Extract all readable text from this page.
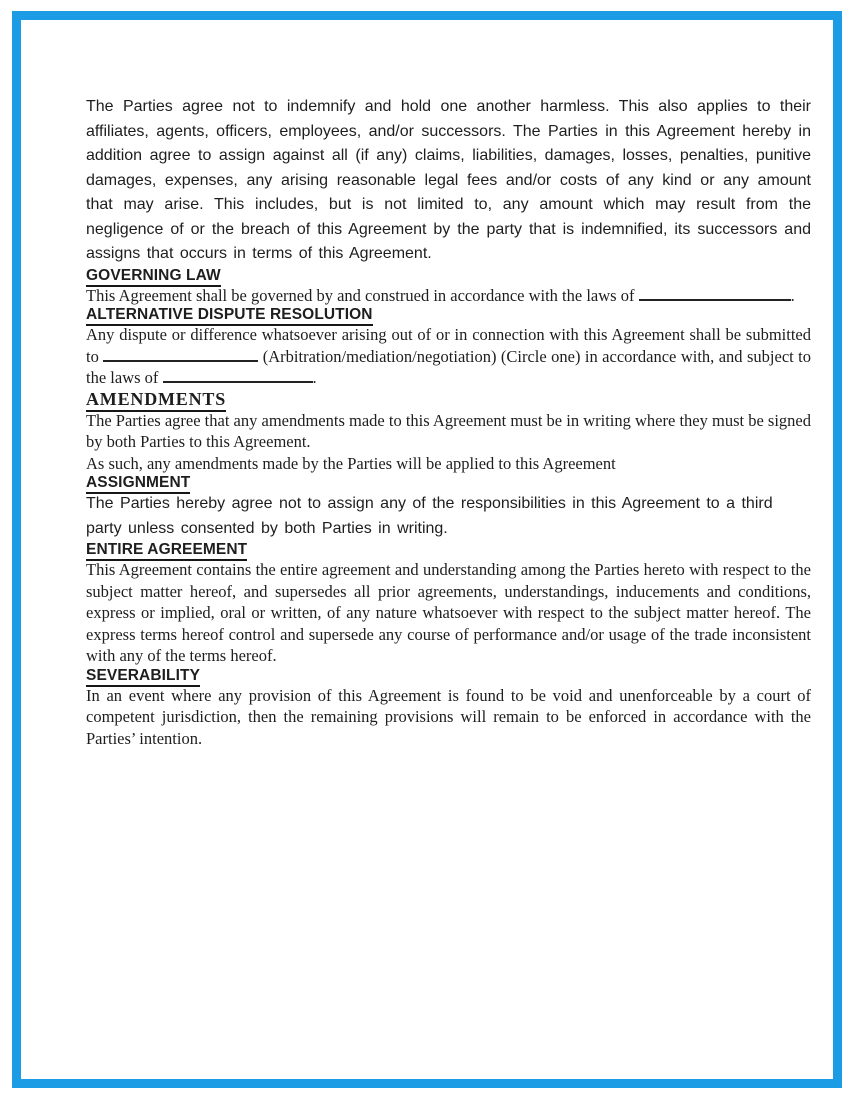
The Parties agree not to indemnify and hold one another harmless. This also applies to their affiliates, agents, officers, employees, and/or successors. The Parties in this Agreement hereby in addition agree to assign against all (if any) claims, liabilities, damages, losses, penalties, punitive damages, expenses, any arising reasonable legal fees and/or costs of any kind or any amount that may arise. This includes, but is not limited to, any amount which may result from the negligence of or the breach of this Agreement by the party that is indemnified, its successors and assigns that occurs in terms of this Agreement.

GOVERNING LAW

This Agreement shall be governed by and construed in accordance with the laws of	.

ALTERNATIVE DISPUTE RESOLUTION

Any dispute or difference whatsoever arising out of or in connection with this Agreement shall be submitted to	(Arbitration/mediation/negotiation) (Circle one) in accordance with, and subject to the laws of	.

AMENDMENTS

The Parties agree that any amendments made to this Agreement must be in writing where they must be signed by both Parties to this Agreement.

As such, any amendments made by the Parties will be applied to this Agreement

ASSIGNMENT

The Parties hereby agree not to assign any of the responsibilities in this Agreement to a third party unless consented by both Parties in writing.

ENTIRE AGREEMENT

This Agreement contains the entire agreement and understanding among the Parties hereto with respect to the subject matter hereof, and supersedes all prior agreements, understandings, inducements and conditions, express or implied, oral or written, of any nature whatsoever with respect to the subject matter hereof. The express terms hereof control and supersede any course of performance and/or usage of the trade inconsistent with any of the terms hereof.

SEVERABILITY

In an event where any provision of this Agreement is found to be void and unenforceable by a court of competent jurisdiction, then the remaining provisions will remain to be enforced in accordance with the Parties’ intention.
